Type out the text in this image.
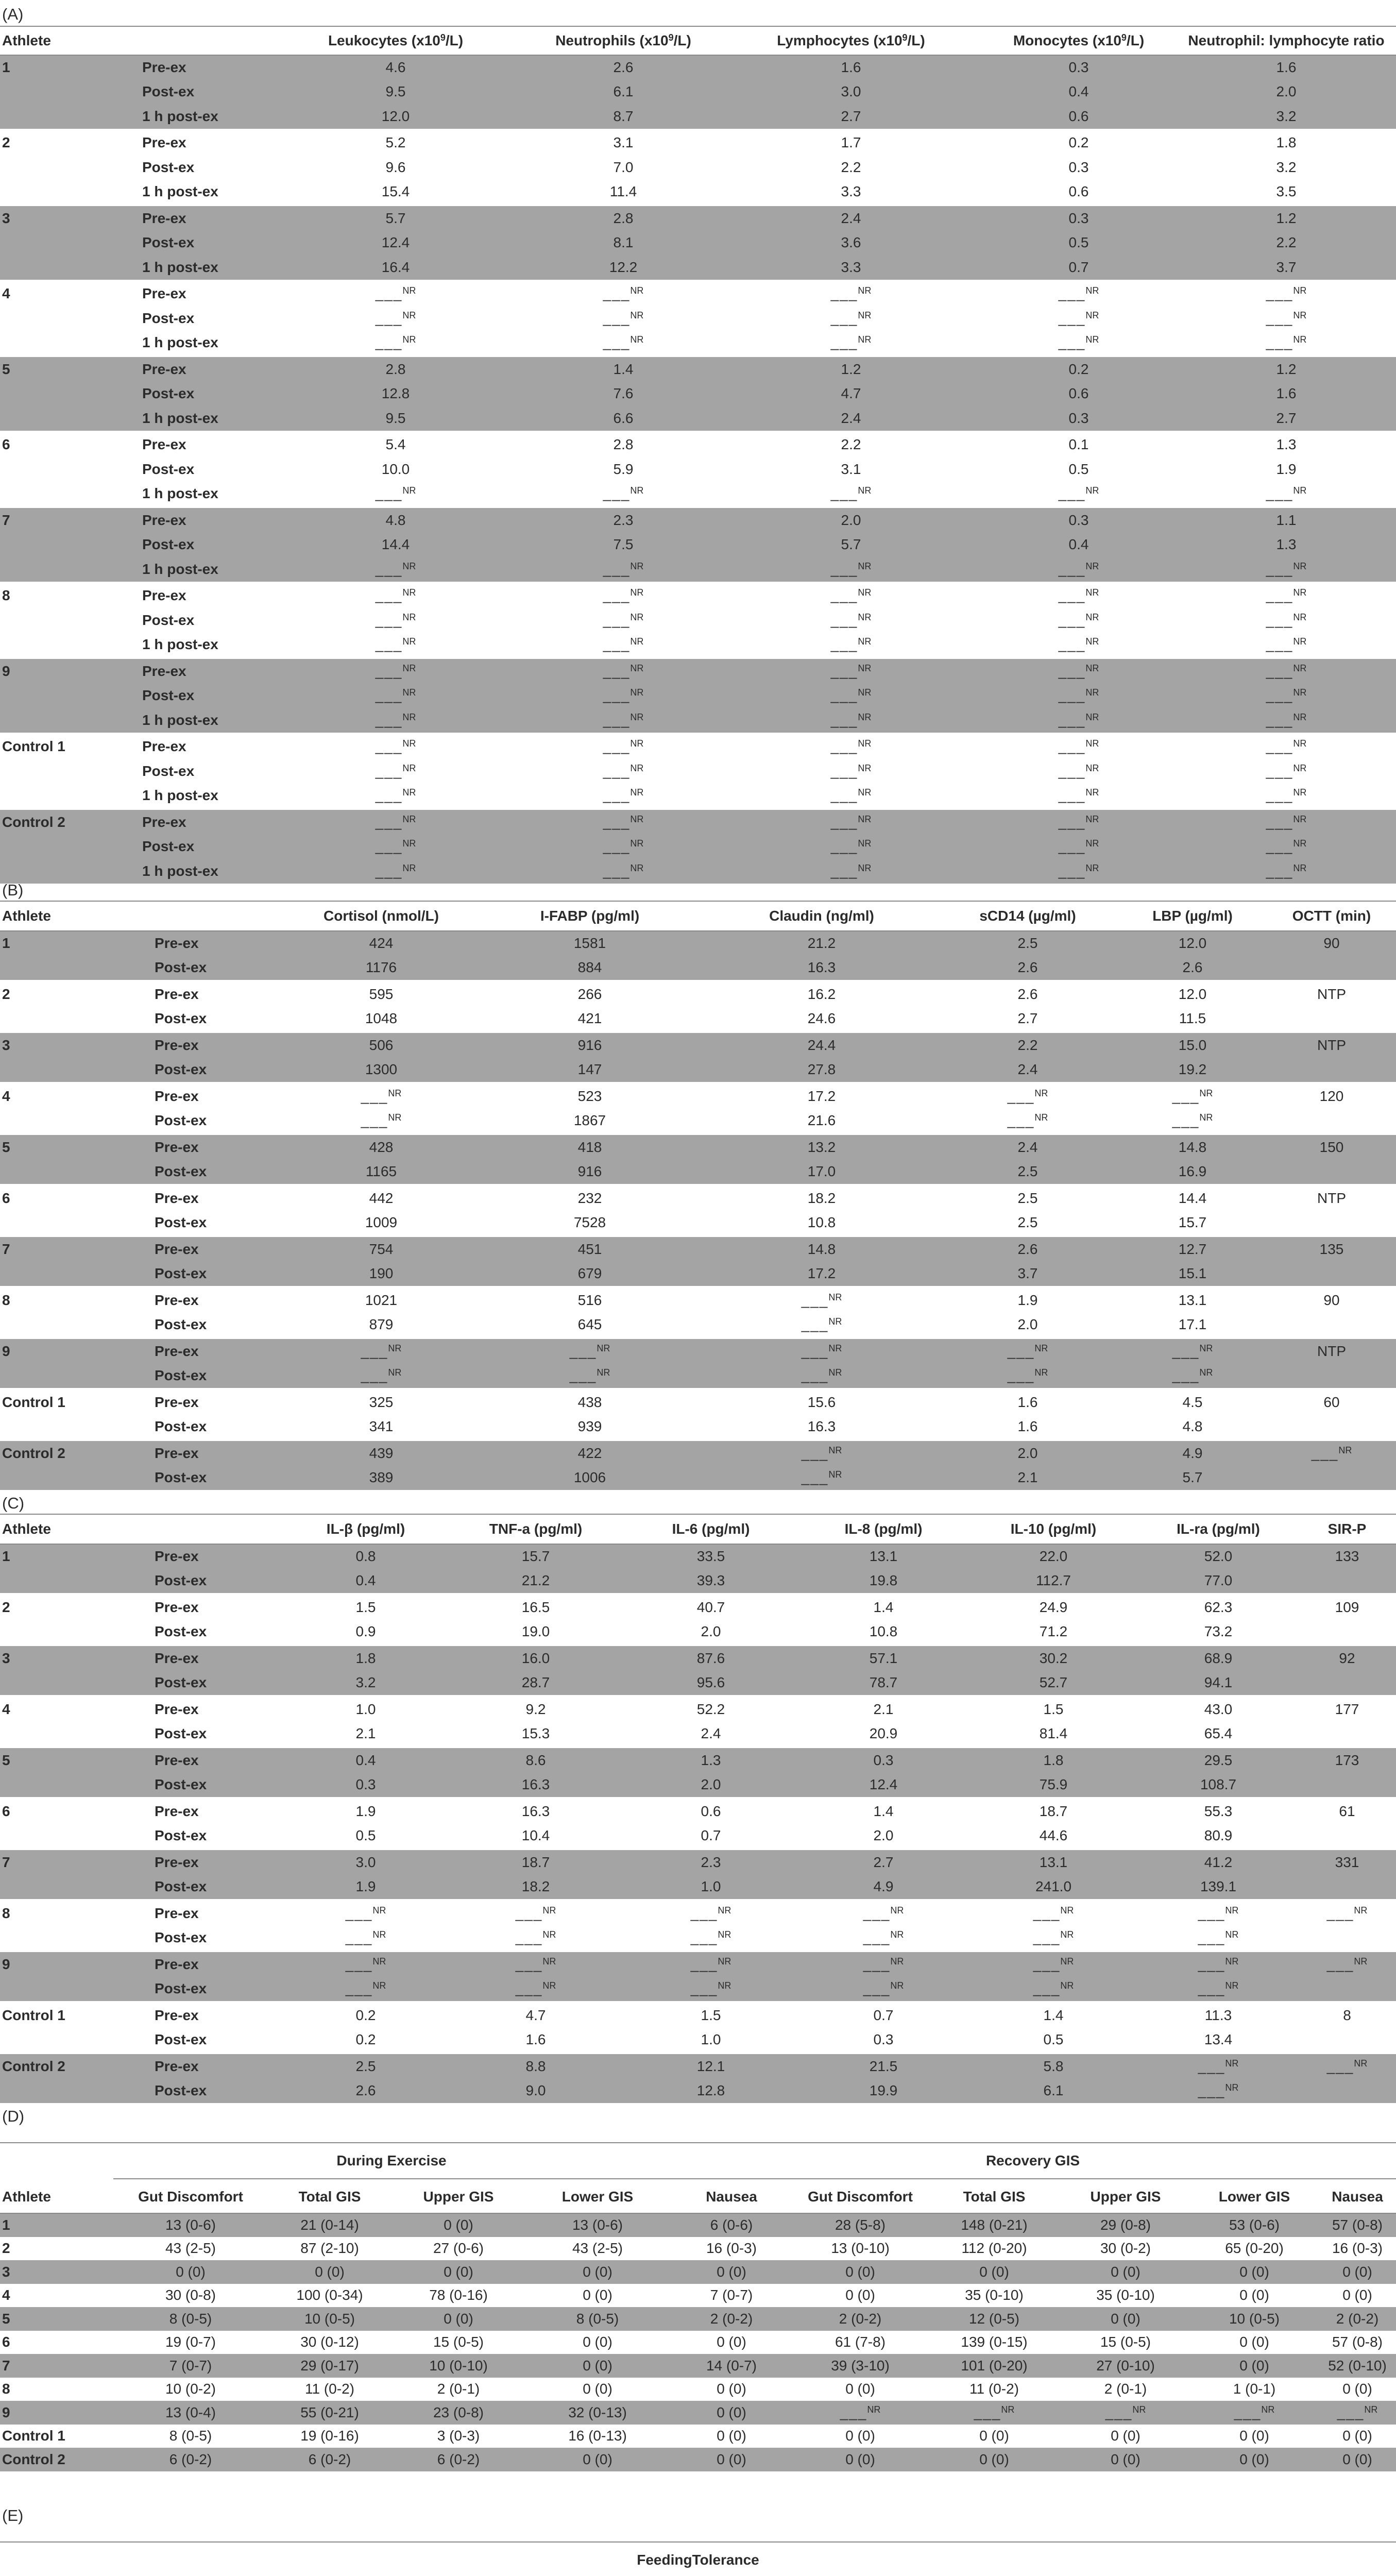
(A)
Athlete		Leukocytes $(x10^9/L)$	Neutrophils $(x10^9/L)$	Lymphocytes $(x10^9/L)$	Monocytes $(x10^9/L)$	Neutrophil: lymphocyte ratio
1	Pre-ex	4.6	2.6	1.6	0.3	1.6
	Post-ex	9.5	6.1	3.0	0.4	2.0
	1 h post-ex	12.0	8.7	2.7	0.6	3.2

2	Pre-ex	5.2	3.1	1.7	0.2	1.8
	Post-ex	9.6	7.0	2.2	0.3	3.2
	1 h post-ex	15.4	11.4	3.3	0.6	3.5

3	Pre-ex	5.7	2.8	2.4	0.3	1.2
	Post-ex	12.4	8.1	3.6	0.5	2.2
	1 h post-ex	16.4	12.2	3.3	0.7	3.7

4	Pre-ex	___$^{NR}$	___$^{NR}$	___$^{NR}$	___$^{NR}$	___$^{NR}$
	Post-ex	___$^{NR}$	___$^{NR}$	___$^{NR}$	___$^{NR}$	___$^{NR}$
	1 h post-ex	___$^{NR}$	___$^{NR}$	___$^{NR}$	___$^{NR}$	___$^{NR}$

5	Pre-ex	2.8	1.4	1.2	0.2	1.2
	Post-ex	12.8	7.6	4.7	0.6	1.6
	1 h post-ex	9.5	6.6	2.4	0.3	2.7

6	Pre-ex	5.4	2.8	2.2	0.1	1.3
	Post-ex	10.0	5.9	3.1	0.5	1.9
	1 h post-ex	___$^{NR}$	___$^{NR}$	___$^{NR}$	___$^{NR}$	___$^{NR}$

7	Pre-ex	4.8	2.3	2.0	0.3	1.1
	Post-ex	14.4	7.5	5.7	0.4	1.3
	1 h post-ex	___$^{NR}$	___$^{NR}$	___$^{NR}$	___$^{NR}$	___$^{NR}$

8	Pre-ex	___$^{NR}$	___$^{NR}$	___$^{NR}$	___$^{NR}$	___$^{NR}$
	Post-ex	___$^{NR}$	___$^{NR}$	___$^{NR}$	___$^{NR}$	___$^{NR}$
	1 h post-ex	___$^{NR}$	___$^{NR}$	___$^{NR}$	___$^{NR}$	___$^{NR}$

9	Pre-ex	___$^{NR}$	___$^{NR}$	___$^{NR}$	___$^{NR}$	___$^{NR}$
	Post-ex	___$^{NR}$	___$^{NR}$	___$^{NR}$	___$^{NR}$	___$^{NR}$
	1 h post-ex	___$^{NR}$	___$^{NR}$	___$^{NR}$	___$^{NR}$	___$^{NR}$

Control 1	Pre-ex	___$^{NR}$	___$^{NR}$	___$^{NR}$	___$^{NR}$	___$^{NR}$
	Post-ex	___$^{NR}$	___$^{NR}$	___$^{NR}$	___$^{NR}$	___$^{NR}$
	1 h post-ex	___$^{NR}$	___$^{NR}$	___$^{NR}$	___$^{NR}$	___$^{NR}$

Control 2	Pre-ex	___$^{NR}$	___$^{NR}$	___$^{NR}$	___$^{NR}$	___$^{NR}$
	Post-ex	___$^{NR}$	___$^{NR}$	___$^{NR}$	___$^{NR}$	___$^{NR}$
	1 h post-ex	___$^{NR}$	___$^{NR}$	___$^{NR}$	___$^{NR}$	___$^{NR}$
(B)
Athlete		Cortisol (nmol/L)	I-FABP (pg/ml)	Claudin (ng/ml)	sCD14 (µg/ml)	LBP (µg/ml)	OCTT (min)
1	Pre-ex	424	1581	21.2	2.5	12.0	90
	Post-ex	1176	884	16.3	2.6	2.6	

2	Pre-ex	595	266	16.2	2.6	12.0	NTP
	Post-ex	1048	421	24.6	2.7	11.5	

3	Pre-ex	506	916	24.4	2.2	15.0	NTP
	Post-ex	1300	147	27.8	2.4	19.2	

4	Pre-ex	___$^{NR}$	523	17.2	___$^{NR}$	___$^{NR}$	120
	Post-ex	___$^{NR}$	1867	21.6	___$^{NR}$	___$^{NR}$	

5	Pre-ex	428	418	13.2	2.4	14.8	150
	Post-ex	1165	916	17.0	2.5	16.9	

6	Pre-ex	442	232	18.2	2.5	14.4	NTP
	Post-ex	1009	7528	10.8	2.5	15.7	

7	Pre-ex	754	451	14.8	2.6	12.7	135
	Post-ex	190	679	17.2	3.7	15.1	

8	Pre-ex	1021	516	___$^{NR}$	1.9	13.1	90
	Post-ex	879	645	___$^{NR}$	2.0	17.1	

9	Pre-ex	___$^{NR}$	___$^{NR}$	___$^{NR}$	___$^{NR}$	___$^{NR}$	NTP
	Post-ex	___$^{NR}$	___$^{NR}$	___$^{NR}$	___$^{NR}$	___$^{NR}$	

Control 1	Pre-ex	325	438	15.6	1.6	4.5	60
	Post-ex	341	939	16.3	1.6	4.8	

Control 2	Pre-ex	439	422	___$^{NR}$	2.0	4.9	___$^{NR}$
	Post-ex	389	1006	___$^{NR}$	2.1	5.7	
(C)
Athlete		IL-β (pg/ml)	TNF-a (pg/ml)	IL-6 (pg/ml)	IL-8 (pg/ml)	IL-10 (pg/ml)	IL-ra (pg/ml)	SIR-P
1	Pre-ex	0.8	15.7	33.5	13.1	22.0	52.0	133
	Post-ex	0.4	21.2	39.3	19.8	112.7	77.0	

2	Pre-ex	1.5	16.5	40.7	1.4	24.9	62.3	109
	Post-ex	0.9	19.0	2.0	10.8	71.2	73.2	

3	Pre-ex	1.8	16.0	87.6	57.1	30.2	68.9	92
	Post-ex	3.2	28.7	95.6	78.7	52.7	94.1	

4	Pre-ex	1.0	9.2	52.2	2.1	1.5	43.0	177
	Post-ex	2.1	15.3	2.4	20.9	81.4	65.4	

5	Pre-ex	0.4	8.6	1.3	0.3	1.8	29.5	173
	Post-ex	0.3	16.3	2.0	12.4	75.9	108.7	

6	Pre-ex	1.9	16.3	0.6	1.4	18.7	55.3	61
	Post-ex	0.5	10.4	0.7	2.0	44.6	80.9	

7	Pre-ex	3.0	18.7	2.3	2.7	13.1	41.2	331
	Post-ex	1.9	18.2	1.0	4.9	241.0	139.1	

8	Pre-ex	___$^{NR}$	___$^{NR}$	___$^{NR}$	___$^{NR}$	___$^{NR}$	___$^{NR}$	___$^{NR}$
	Post-ex	___$^{NR}$	___$^{NR}$	___$^{NR}$	___$^{NR}$	___$^{NR}$	___$^{NR}$	

9	Pre-ex	___$^{NR}$	___$^{NR}$	___$^{NR}$	___$^{NR}$	___$^{NR}$	___$^{NR}$	___$^{NR}$
	Post-ex	___$^{NR}$	___$^{NR}$	___$^{NR}$	___$^{NR}$	___$^{NR}$	___$^{NR}$	

Control 1	Pre-ex	0.2	4.7	1.5	0.7	1.4	11.3	8
	Post-ex	0.2	1.6	1.0	0.3	0.5	13.4	

Control 2	Pre-ex	2.5	8.8	12.1	21.5	5.8	___$^{NR}$	___$^{NR}$
	Post-ex	2.6	9.0	12.8	19.9	6.1	___$^{NR}$	
(D)
During Exercise	Recovery GIS
Athlete	Gut Discomfort	Total GIS	Upper GIS	Lower GIS	Nausea	Gut Discomfort	Total GIS	Upper GIS	Lower GIS	Nausea
1	13 (0-6)	21 (0-14)	0 (0)	13 (0-6)	6 (0-6)	28 (5-8)	148 (0-21)	29 (0-8)	53 (0-6)	57 (0-8)
2	43 (2-5)	87 (2-10)	27 (0-6)	43 (2-5)	16 (0-3)	13 (0-10)	112 (0-20)	30 (0-2)	65 (0-20)	16 (0-3)
3	0 (0)	0 (0)	0 (0)	0 (0)	0 (0)	0 (0)	0 (0)	0 (0)	0 (0)	0 (0)
4	30 (0-8)	100 (0-34)	78 (0-16)	0 (0)	7 (0-7)	0 (0)	35 (0-10)	35 (0-10)	0 (0)	0 (0)
5	8 (0-5)	10 (0-5)	0 (0)	8 (0-5)	2 (0-2)	2 (0-2)	12 (0-5)	0 (0)	10 (0-5)	2 (0-2)
6	19 (0-7)	30 (0-12)	15 (0-5)	0 (0)	0 (0)	61 (7-8)	139 (0-15)	15 (0-5)	0 (0)	57 (0-8)
7	7 (0-7)	29 (0-17)	10 (0-10)	0 (0)	14 (0-7)	39 (3-10)	101 (0-20)	27 (0-10)	0 (0)	52 (0-10)
8	10 (0-2)	11 (0-2)	2 (0-1)	0 (0)	0 (0)	0 (0)	11 (0-2)	2 (0-1)	1 (0-1)	0 (0)
9	13 (0-4)	55 (0-21)	23 (0-8)	32 (0-13)	0 (0)	___$^{NR}$	___$^{NR}$	___$^{NR}$	___$^{NR}$	___$^{NR}$
Control 1	8 (0-5)	19 (0-16)	3 (0-3)	16 (0-13)	0 (0)	0 (0)	0 (0)	0 (0)	0 (0)	0 (0)
Control 2	6 (0-2)	6 (0-2)	6 (0-2)	0 (0)	0 (0)	0 (0)	0 (0)	0 (0)	0 (0)	0 (0)
(E)
FeedingTolerance
